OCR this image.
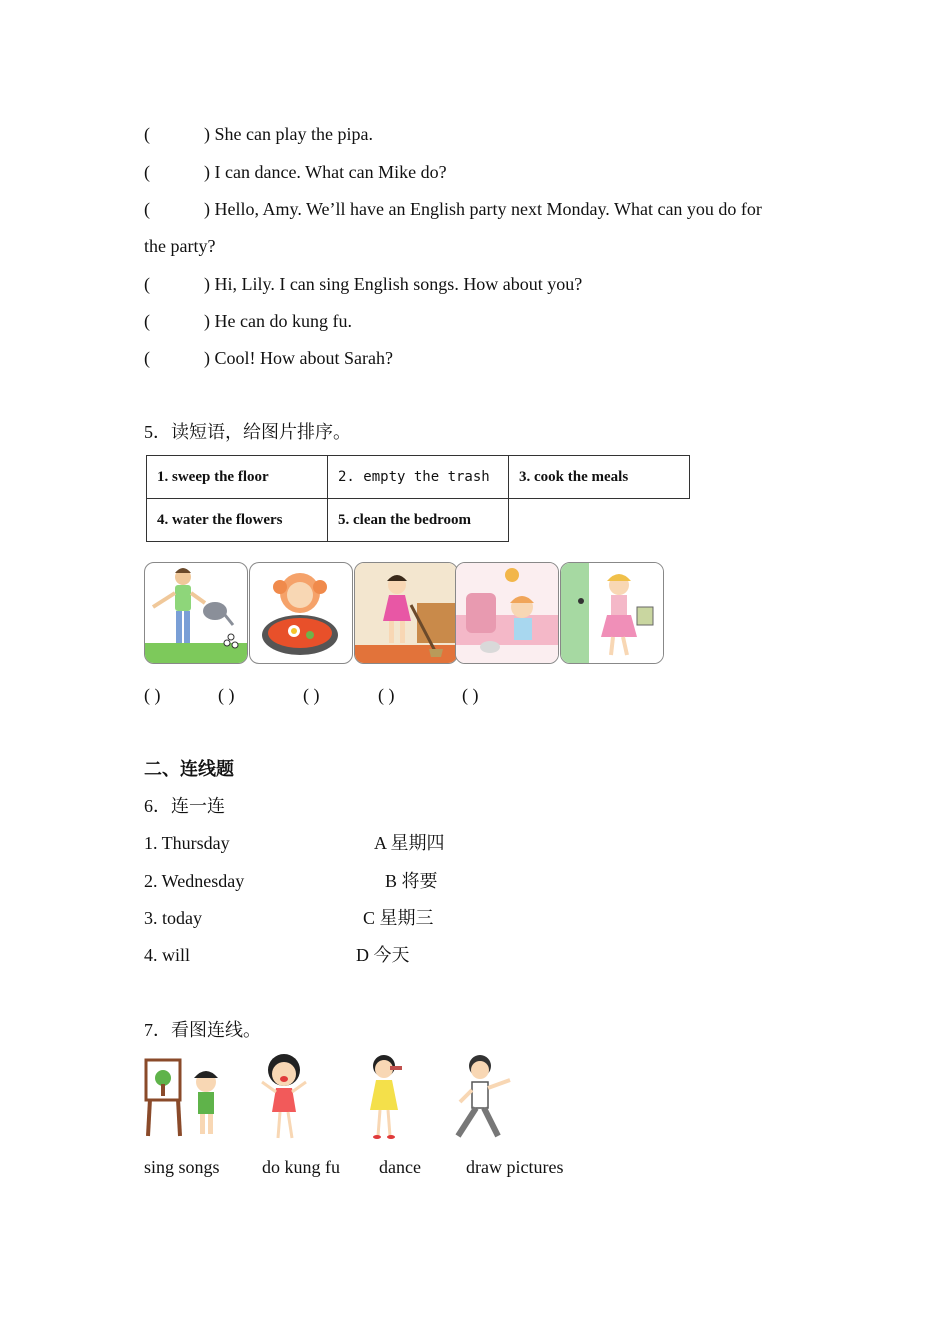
(	) She can play the pipa.
(	) I can dance. What can Mike do?
(	) Hello, Amy. We’ll have an English party next Monday. What can you do for
the party?
(	) Hi, Lily. I can sing English songs. How about you?
(	) He can do kung fu.
(	) Cool! How about Sarah?
5．读短语，给图片排序。
1. sweep the floor	2. empty the trash	3. cook the meals
4. water the flowers	5. clean the bedroom	
( )	( )	( )	( )	( )
二、连线题
6．连一连
1. Thursday
2. Wednesday
3. today
4. will
A 星期四
B 将要
C 星期三
D 今天
7．看图连线。
sing songs do kung fu dance	draw pictures
